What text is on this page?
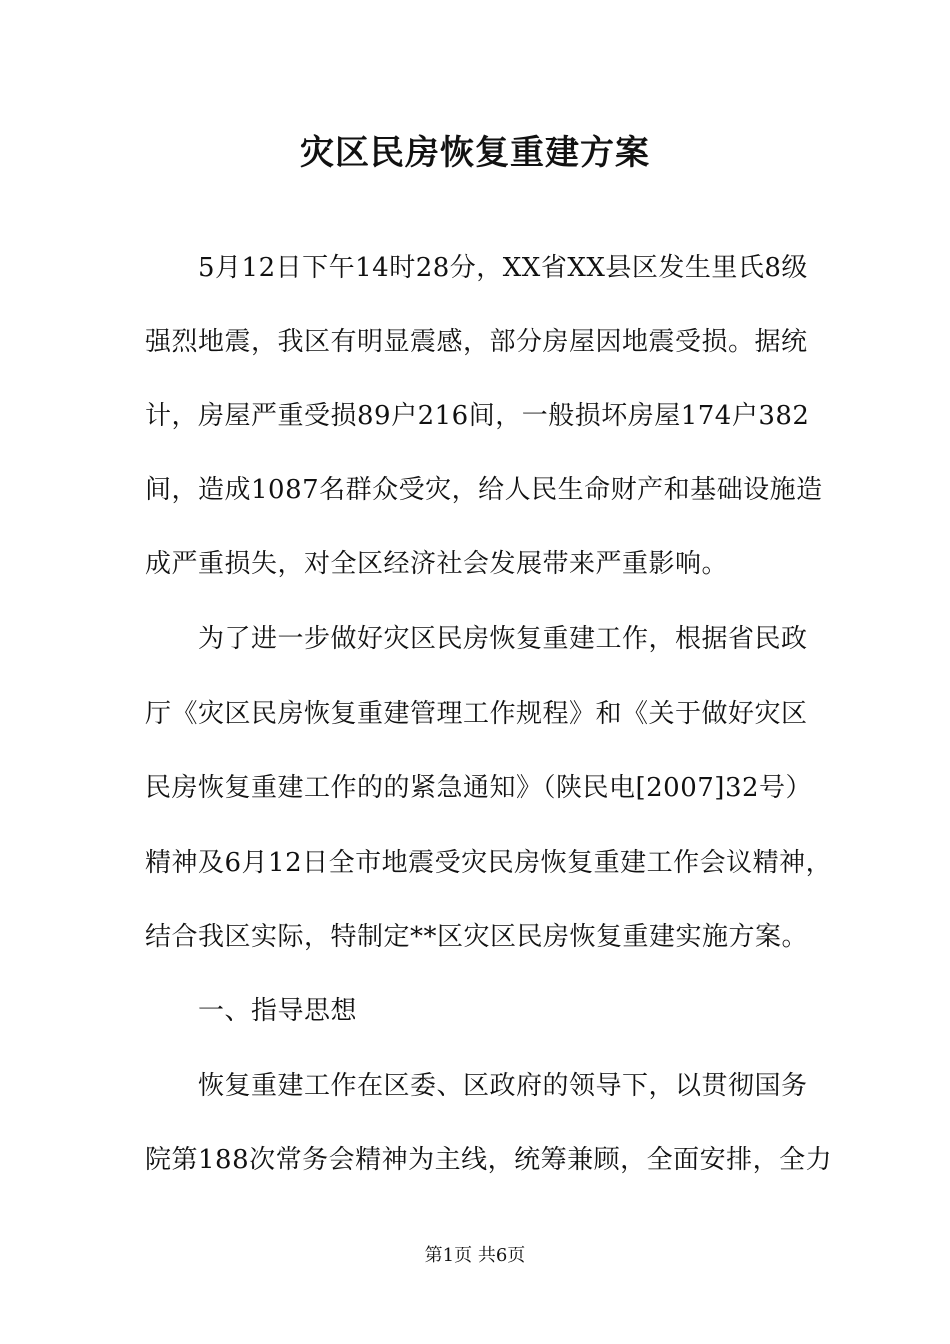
灾区民房恢复重建方案
5月12日下午14时28分，XX省XX县区发生里氏8级
强烈地震，我区有明显震感，部分房屋因地震受损。据统
计，房屋严重受损89户216间，一般损坏房屋174户382
间，造成1087名群众受灾，给人民生命财产和基础设施造
成严重损失，对全区经济社会发展带来严重影响。
为了进一步做好灾区民房恢复重建工作，根据省民政
厅《灾区民房恢复重建管理工作规程》和《关于做好灾区
民房恢复重建工作的的紧急通知》（陕民电[2007]32号）
精神及6月12日全市地震受灾民房恢复重建工作会议精神，
结合我区实际，特制定**区灾区民房恢复重建实施方案。
一、指导思想
恢复重建工作在区委、区政府的领导下，以贯彻国务
院第188次常务会精神为主线，统筹兼顾，全面安排，全力
第1页 共6页
